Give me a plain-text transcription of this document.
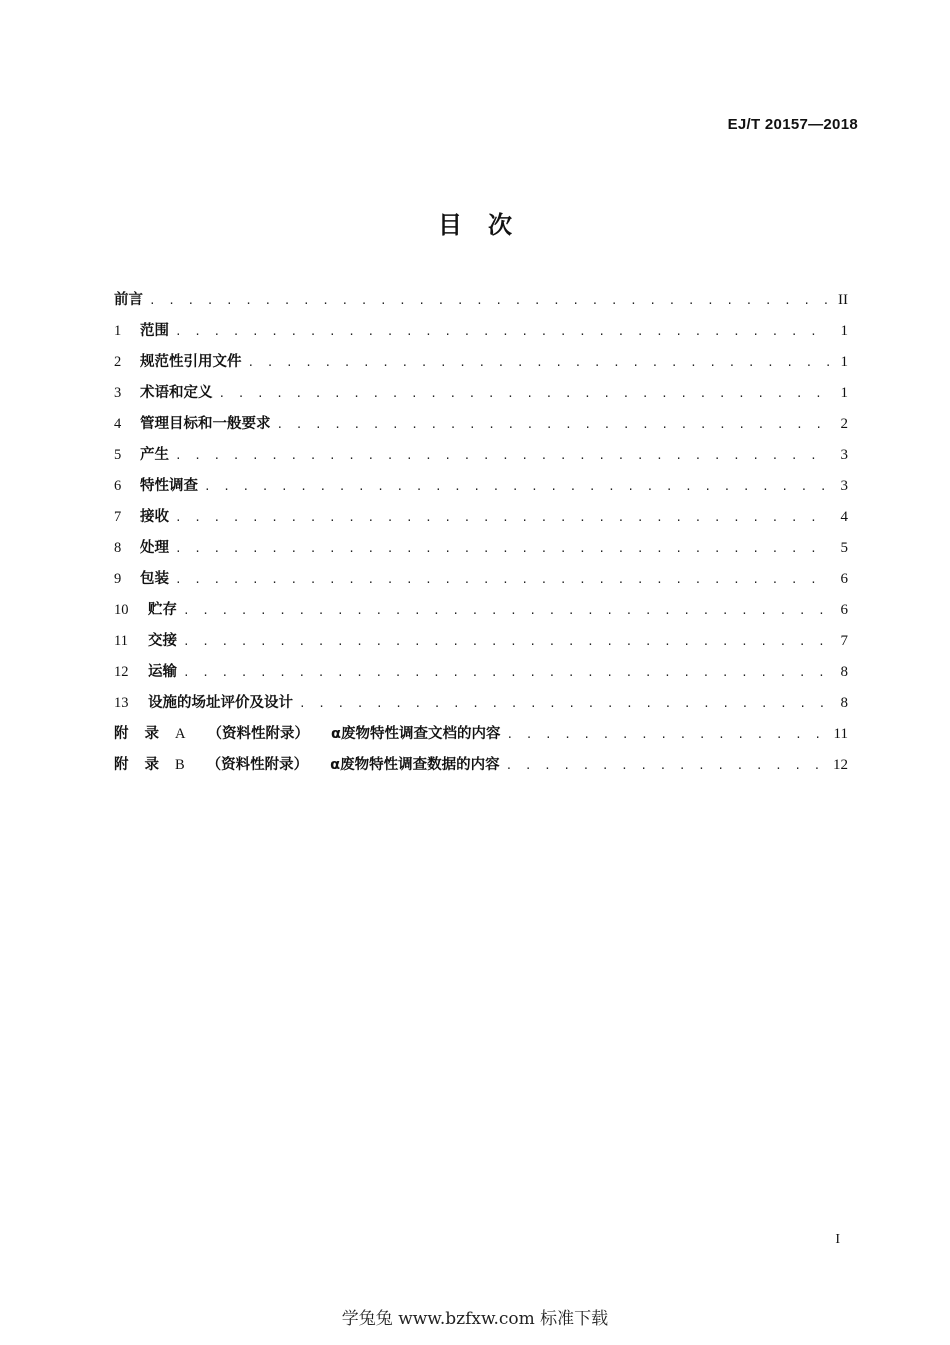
EJ/T 20157—2018
目次
前言 . . .	II
1	范围 . . .	1
2	规范性引用文件 . . .	1
3	术语和定义 . . .	1
4	管理目标和一般要求 . . .	2
5	产生 . . .	3
6	特性调查 . . .	3
7	接收 . . .	4
8	处理 . . .	5
9	包装 . . .	6
10	贮存 . . .	6
11	交接 . . .	7
12	运输 . . .	8
13	设施的场址评价及设计 . . .	8
附录 A （资料性附录） α废物特性调查文档的内容 . . .	11
附录 B （资料性附录） α废物特性调查数据的内容 . . .	12
I
学兔兔 www.bzfxw.com 标准下载
